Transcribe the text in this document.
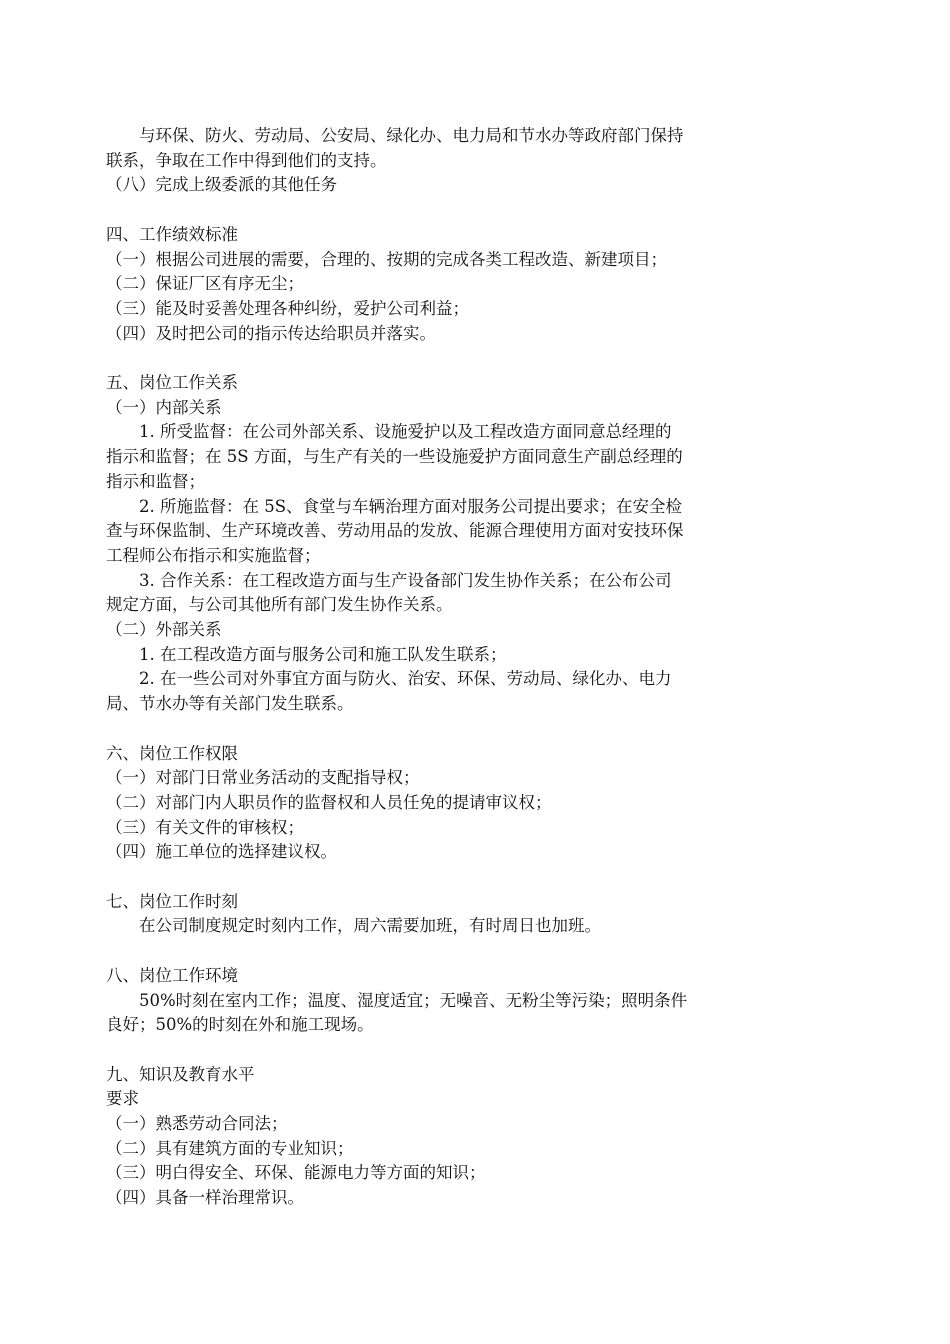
与环保、防火、劳动局、公安局、绿化办、电力局和节水办等政府部门保持
联系，争取在工作中得到他们的支持。
（八）完成上级委派的其他任务
四、工作绩效标准
（一）根据公司进展的需要，合理的、按期的完成各类工程改造、新建项目；
（二）保证厂区有序无尘；
（三）能及时妥善处理各种纠纷，爱护公司利益；
（四）及时把公司的指示传达给职员并落实。
五、岗位工作关系
（一）内部关系
1. 所受监督：在公司外部关系、设施爱护以及工程改造方面同意总经理的
指示和监督；在 5S 方面，与生产有关的一些设施爱护方面同意生产副总经理的
指示和监督；
2. 所施监督：在 5S、食堂与车辆治理方面对服务公司提出要求；在安全检
查与环保监制、生产环境改善、劳动用品的发放、能源合理使用方面对安技环保
工程师公布指示和实施监督；
3. 合作关系：在工程改造方面与生产设备部门发生协作关系；在公布公司
规定方面，与公司其他所有部门发生协作关系。
（二）外部关系
1. 在工程改造方面与服务公司和施工队发生联系；
2. 在一些公司对外事宜方面与防火、治安、环保、劳动局、绿化办、电力
局、节水办等有关部门发生联系。
六、岗位工作权限
（一）对部门日常业务活动的支配指导权；
（二）对部门内人职员作的监督权和人员任免的提请审议权；
（三）有关文件的审核权；
（四）施工单位的选择建议权。
七、岗位工作时刻
在公司制度规定时刻内工作，周六需要加班，有时周日也加班。
八、岗位工作环境
50%时刻在室内工作；温度、湿度适宜；无噪音、无粉尘等污染；照明条件
良好；50%的时刻在外和施工现场。
九、知识及教育水平
要求
（一）熟悉劳动合同法；
（二）具有建筑方面的专业知识；
（三）明白得安全、环保、能源电力等方面的知识；
（四）具备一样治理常识。
